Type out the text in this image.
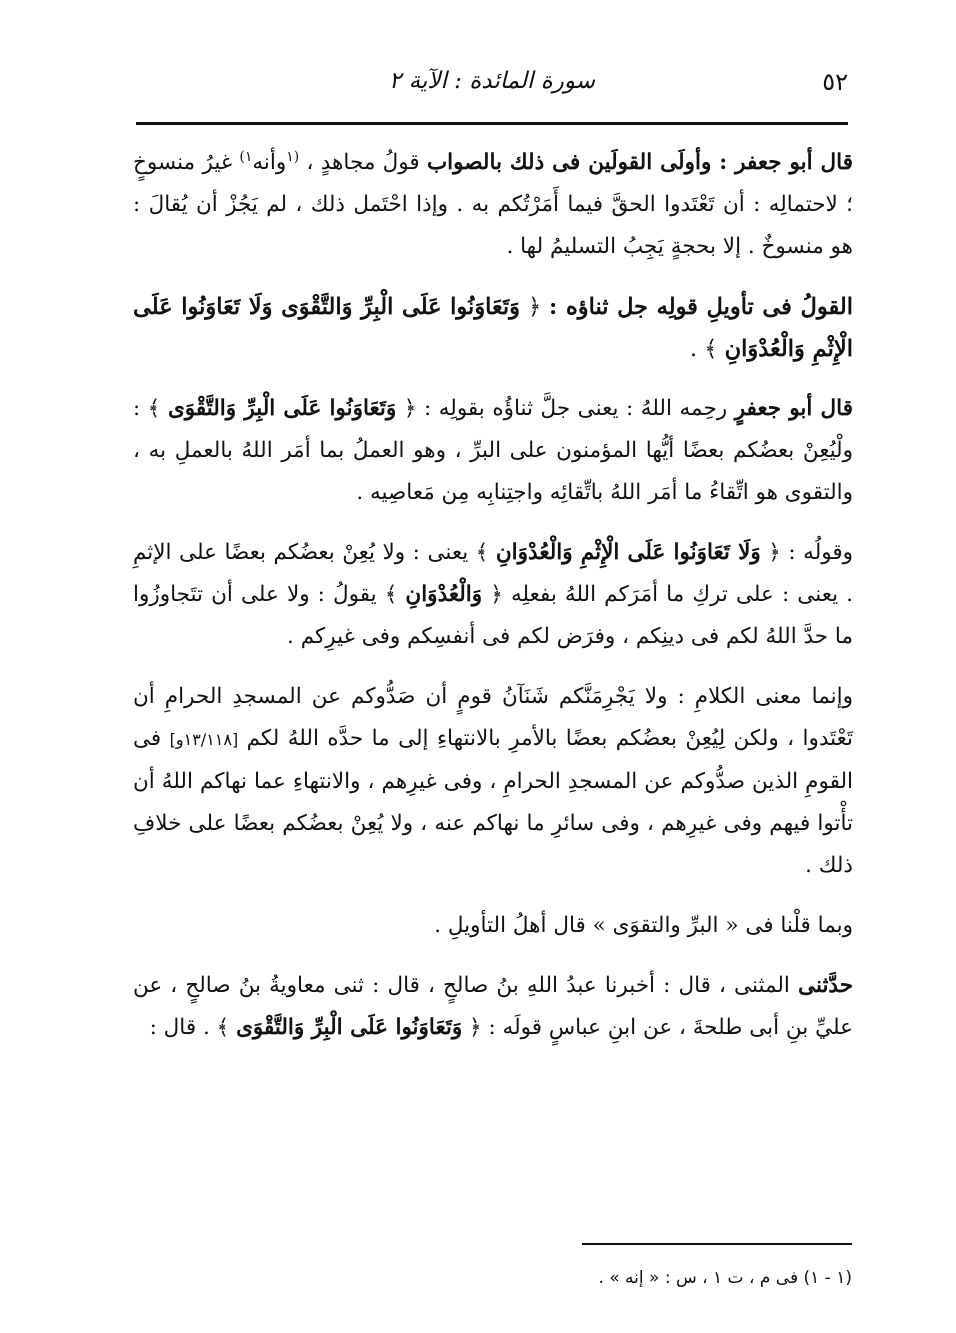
٥٢
سورة المائدة : الآية ٢

قال أبو جعفر : وأولَى القولَين فى ذلك بالصواب قولُ مجاهدٍ ، $^{(١}$وأنه$^{١)}$ غيرُ منسوخٍ ؛ لاحتمالِه : أن تَعْتَدوا الحقَّ فيما أَمَرْتُكم به . وإذا احْتَمل ذلك ، لم يَجُزْ أن يُقالَ : هو منسوخٌ . إلا بحجةٍ يَجِبُ التسليمُ لها .

القولُ فى تأويلِ قولِه جل ثناؤه : ﴿ وَتَعَاوَنُوا عَلَى الْبِرِّ وَالتَّقْوَى وَلَا تَعَاوَنُوا عَلَى الْإِثْمِ وَالْعُدْوَانِ ﴾ .

قال أبو جعفرٍ رحِمه اللهُ : يعنى جلَّ ثناؤُه بقولِه : ﴿ وَتَعَاوَنُوا عَلَى الْبِرِّ وَالتَّقْوَى ﴾ : ولْيُعِنْ بعضُكم بعضًا أيُّها المؤمنون على البرِّ ، وهو العملُ بما أمَر اللهُ بالعملِ به ، والتقوى هو اتِّقاءُ ما أمَر اللهُ باتِّقائِه واجتِنابِه مِن مَعاصِيه .

وقولُه : ﴿ وَلَا تَعَاوَنُوا عَلَى الْإِثْمِ وَالْعُدْوَانِ ﴾ يعنى : ولا يُعِنْ بعضُكم بعضًا على الإثمِ . يعنى : على تركِ ما أمَرَكم اللهُ بفعلِه ﴿ وَالْعُدْوَانِ ﴾ يقولُ : ولا على أن تتَجاوزُوا ما حدَّ اللهُ لكم فى دينِكم ، وفرَض لكم فى أنفسِكم وفى غيرِكم .

وإنما معنى الكلامِ : ولا يَجْرِمَنَّكم شَنَآنُ قومٍ أن صَدُّوكم عن المسجدِ الحرامِ أن تَعْتَدوا ، ولكن لِيُعِنْ بعضُكم بعضًا بالأمرِ بالانتهاءِ إلى ما حدَّه اللهُ لكم [١٣/١١٨و] فى القومِ الذين صدُّوكم عن المسجدِ الحرامِ ، وفى غيرِهم ، والانتهاءِ عما نهاكم اللهُ أن تأْتوا فيهم وفى غيرِهم ، وفى سائرِ ما نهاكم عنه ، ولا يُعِنْ بعضُكم بعضًا على خلافِ ذلك .

وبما قلْنا فى « البرِّ والتقوَى » قال أهلُ التأويلِ .

حدَّثنى المثنى ، قال : أخبرنا عبدُ اللهِ بنُ صالحٍ ، قال : ثنى معاويةُ بنُ صالحٍ ، عن عليِّ بنِ أبى طلحةَ ، عن ابنِ عباسٍ قولَه : ﴿ وَتَعَاوَنُوا عَلَى الْبِرِّ وَالتَّقْوَى ﴾ . قال :

(١ - ١) فى م ، ت ١ ، س : « إنه » .
